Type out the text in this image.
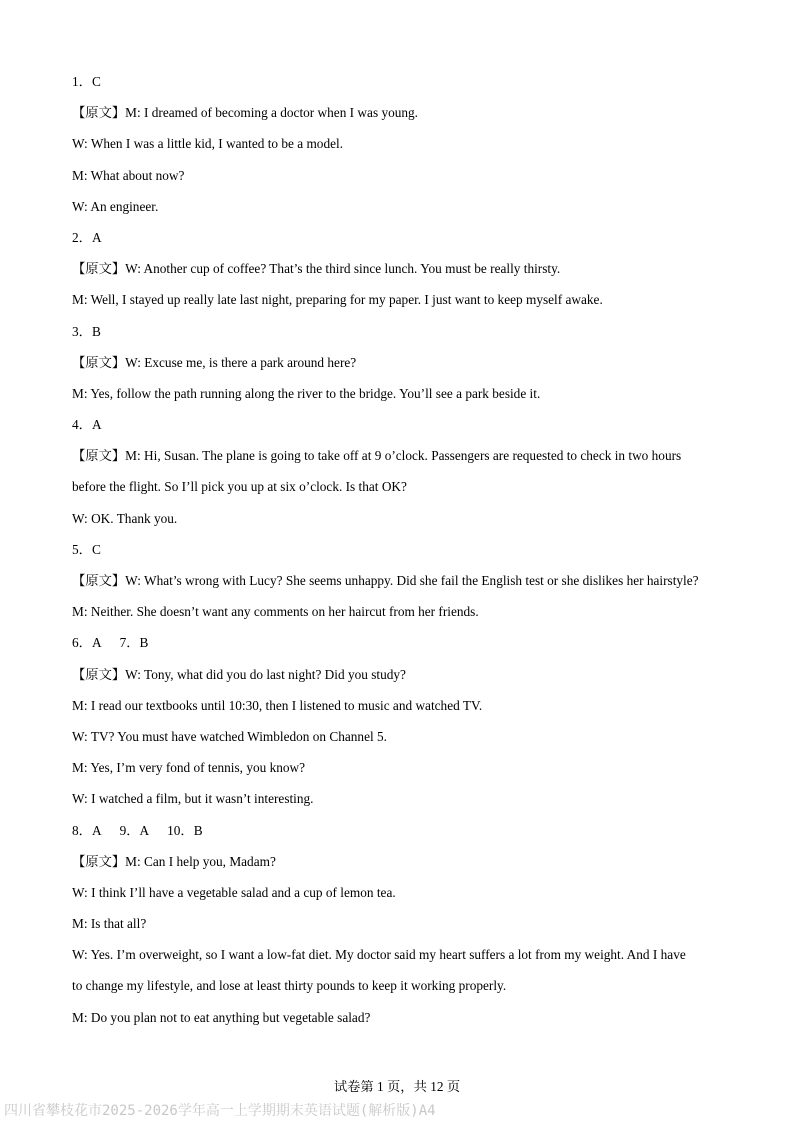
1．C
【原文】M: I dreamed of becoming a doctor when I was young.
W: When I was a little kid, I wanted to be a model.
M: What about now?
W: An engineer.
2．A
【原文】W: Another cup of coffee? That’s the third since lunch. You must be really thirsty.
M: Well, I stayed up really late last night, preparing for my paper. I just want to keep myself awake.
3．B
【原文】W: Excuse me, is there a park around here?
M: Yes, follow the path running along the river to the bridge. You’ll see a park beside it.
4．A
【原文】M: Hi, Susan. The plane is going to take off at 9 o’clock. Passengers are requested to check in two hours
before the flight. So I’ll pick you up at six o’clock. Is that OK?
W: OK. Thank you.
5．C
【原文】W: What’s wrong with Lucy? She seems unhappy. Did she fail the English test or she dislikes her hairstyle?
M: Neither. She doesn’t want any comments on her haircut from her friends.
6．A 7．B
【原文】W: Tony, what did you do last night? Did you study?
M: I read our textbooks until 10:30, then I listened to music and watched TV.
W: TV? You must have watched Wimbledon on Channel 5.
M: Yes, I’m very fond of tennis, you know?
W: I watched a film, but it wasn’t interesting.
8．A 9．A 10．B
【原文】M: Can I help you, Madam?
W: I think I’ll have a vegetable salad and a cup of lemon tea.
M: Is that all?
W: Yes. I’m overweight, so I want a low-fat diet. My doctor said my heart suffers a lot from my weight. And I have
to change my lifestyle, and lose at least thirty pounds to keep it working properly.
M: Do you plan not to eat anything but vegetable salad?
试卷第 1 页，共 12 页
四川省攀枝花市2025-2026学年高一上学期期末英语试题(解析版)A4
